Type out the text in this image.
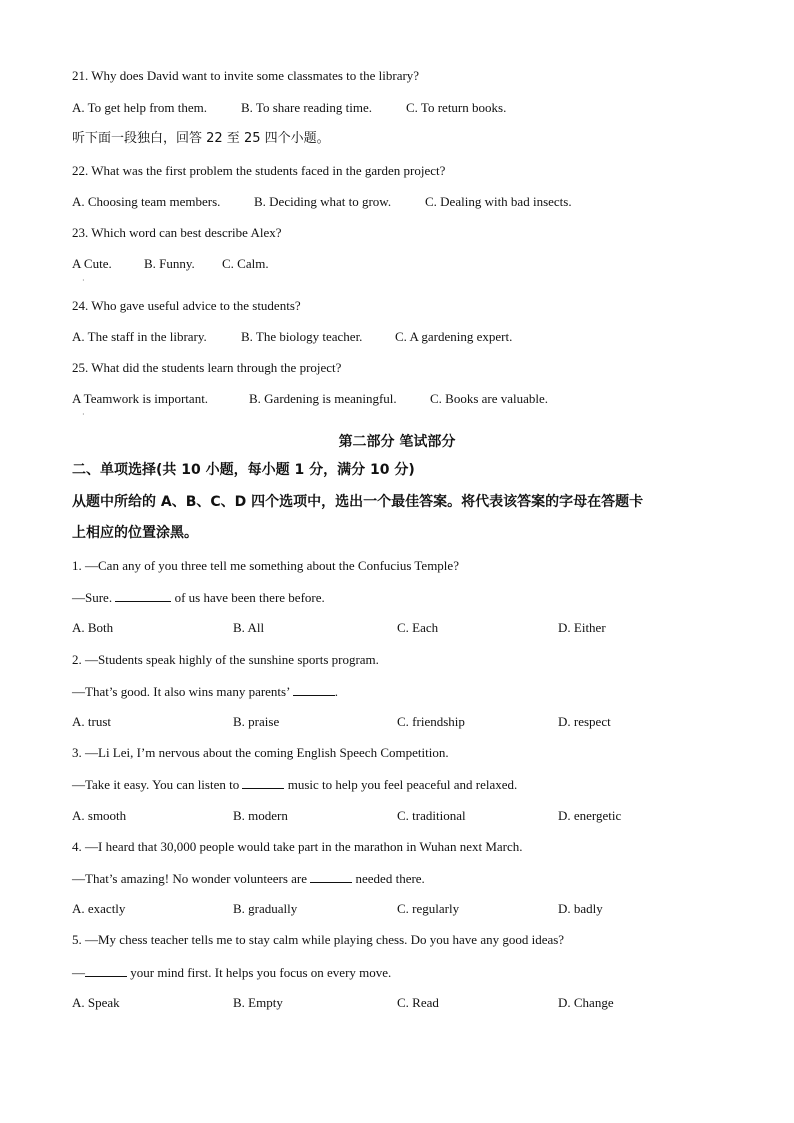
21. Why does David want to invite some classmates to the library?
A. To get help from them.	B. To share reading time.	C. To return books.
听下面一段独白，回答 22 至 25 四个小题。
22. What was the first problem the students faced in the garden project?
A. Choosing team members.	B. Deciding what to grow.	C. Dealing with bad insects.
23. Which word can best describe Alex?
A Cute. B. Funny. C. Calm.
·
24. Who gave useful advice to the students?
A. The staff in the library.	B. The biology teacher.	C. A gardening expert.
25. What did the students learn through the project?
A Teamwork is important.	B. Gardening is meaningful.	C. Books are valuable.
·
第二部分 笔试部分
二、单项选择(共 10 小题，每小题 1 分，满分 10 分)
从题中所给的 A、B、C、D 四个选项中，选出一个最佳答案。将代表该答案的字母在答题卡
上相应的位置涂黑。
1. —Can any of you three tell me something about the Confucius Temple?
—Sure.	of us have been there before.
A. Both	B. All	C. Each	D. Either
2. —Students speak highly of the sunshine sports program.
—That’s good. It also wins many parents’	.
A. trust	B. praise	C. friendship	D. respect
3. —Li Lei, I’m nervous about the coming English Speech Competition.
—Take it easy. You can listen to	music to help you feel peaceful and relaxed.
A. smooth	B. modern	C. traditional	D. energetic
4. —I heard that 30,000 people would take part in the marathon in Wuhan next March.
—That’s amazing! No wonder volunteers are	needed there.
A. exactly	B. gradually	C. regularly	D. badly
5. —My chess teacher tells me to stay calm while playing chess. Do you have any good ideas?
—	your mind first. It helps you focus on every move.
A. Speak	B. Empty	C. Read	D. Change
